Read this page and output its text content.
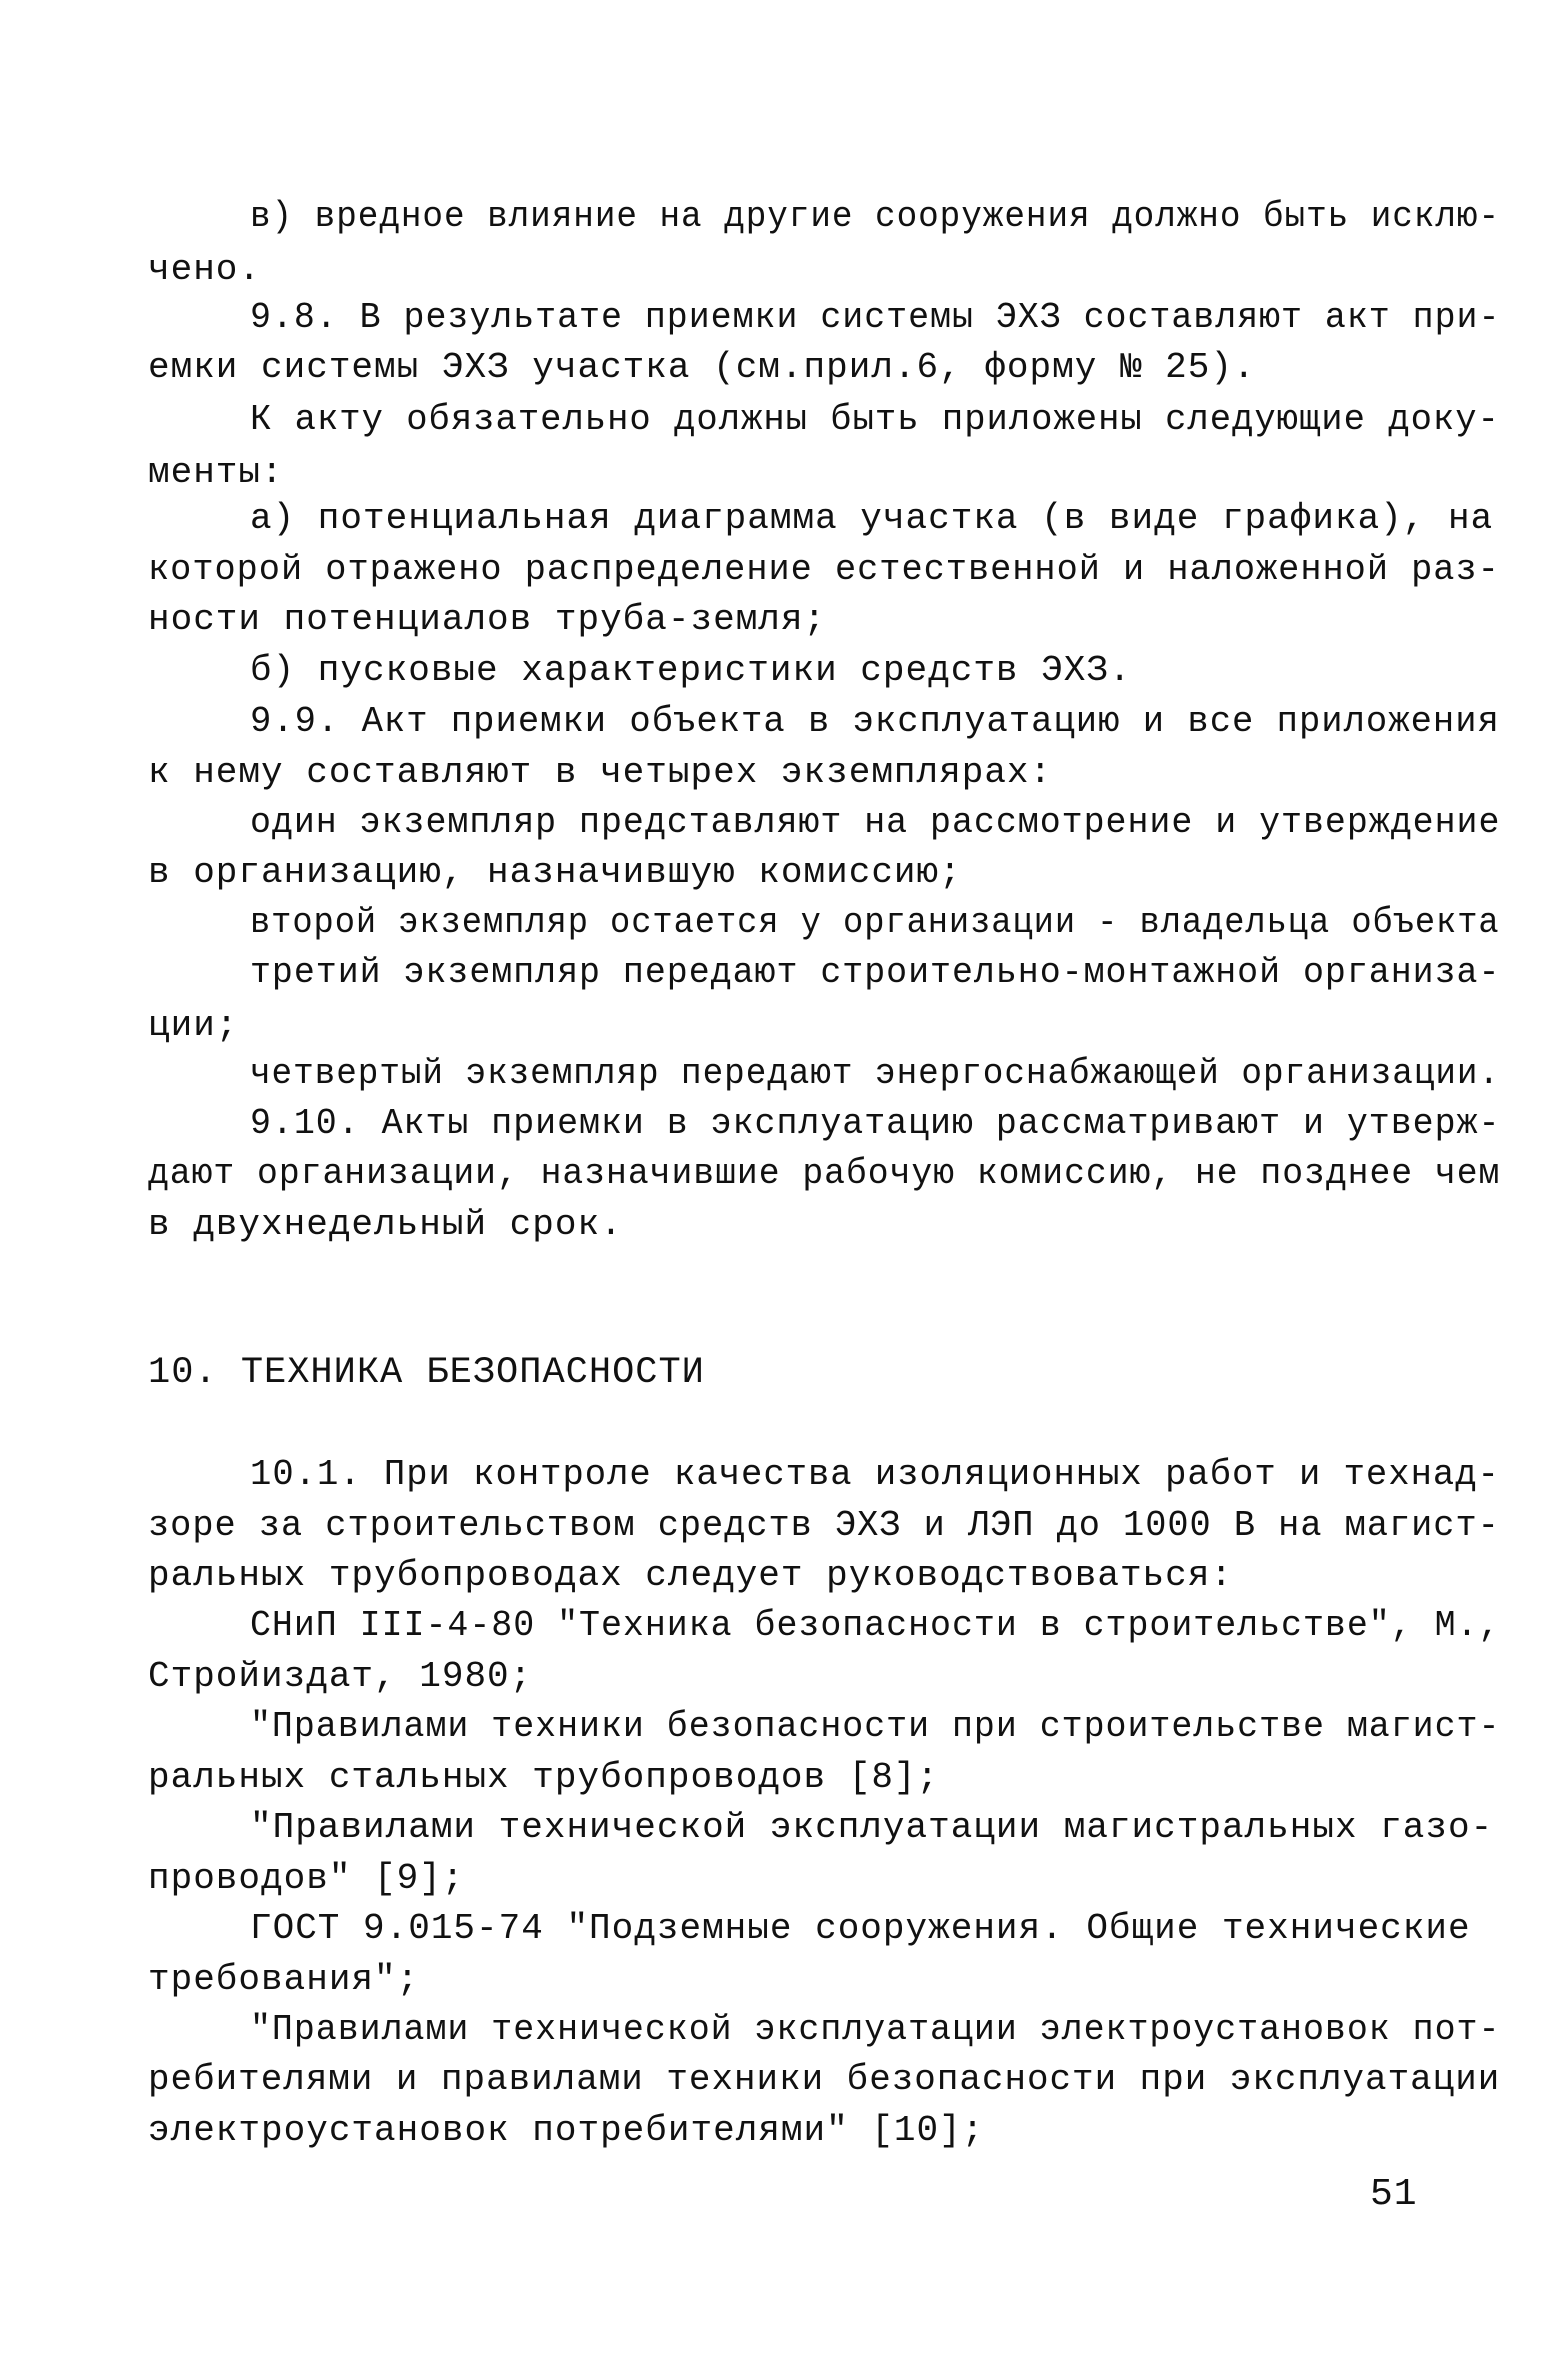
в) вредное влияние на другие сооружения должно быть исклю-
чено.
9.8. В результате приемки системы ЭХЗ составляют акт при-
емки системы ЭХЗ участка (см.прил.6, форму № 25).
К акту обязательно должны быть приложены следующие доку-
менты:
а) потенциальная диаграмма участка (в виде графика), на
которой отражено распределение естественной и наложенной раз-
ности потенциалов труба-земля;
б) пусковые характеристики средств ЭХЗ.
9.9. Акт приемки объекта в эксплуатацию и все приложения
к нему составляют в четырех экземплярах:
один экземпляр представляют на рассмотрение и утверждение
в организацию, назначившую комиссию;
второй экземпляр остается у организации - владельца объекта
третий экземпляр передают строительно-монтажной организа-
ции;
четвертый экземпляр передают энергоснабжающей организации.
9.10. Акты приемки в эксплуатацию рассматривают и утверж-
дают организации, назначившие рабочую комиссию, не позднее чем
в двухнедельный срок.
10. ТЕХНИКА БЕЗОПАСНОСТИ
10.1. При контроле качества изоляционных работ и технад-
зоре за строительством средств ЭХЗ и ЛЭП до 1000 В на магист-
ральных трубопроводах следует руководствоваться:
СНиП III-4-80 "Техника безопасности в строительстве", М.,
Стройиздат, 1980;
"Правилами техники безопасности при строительстве магист-
ральных стальных трубопроводов [8];
"Правилами технической эксплуатации магистральных газо-
проводов" [9];
ГОСТ 9.015-74 "Подземные сооружения. Общие технические
требования";
"Правилами технической эксплуатации электроустановок пот-
ребителями и правилами техники безопасности при эксплуатации
электроустановок потребителями" [10];
51
